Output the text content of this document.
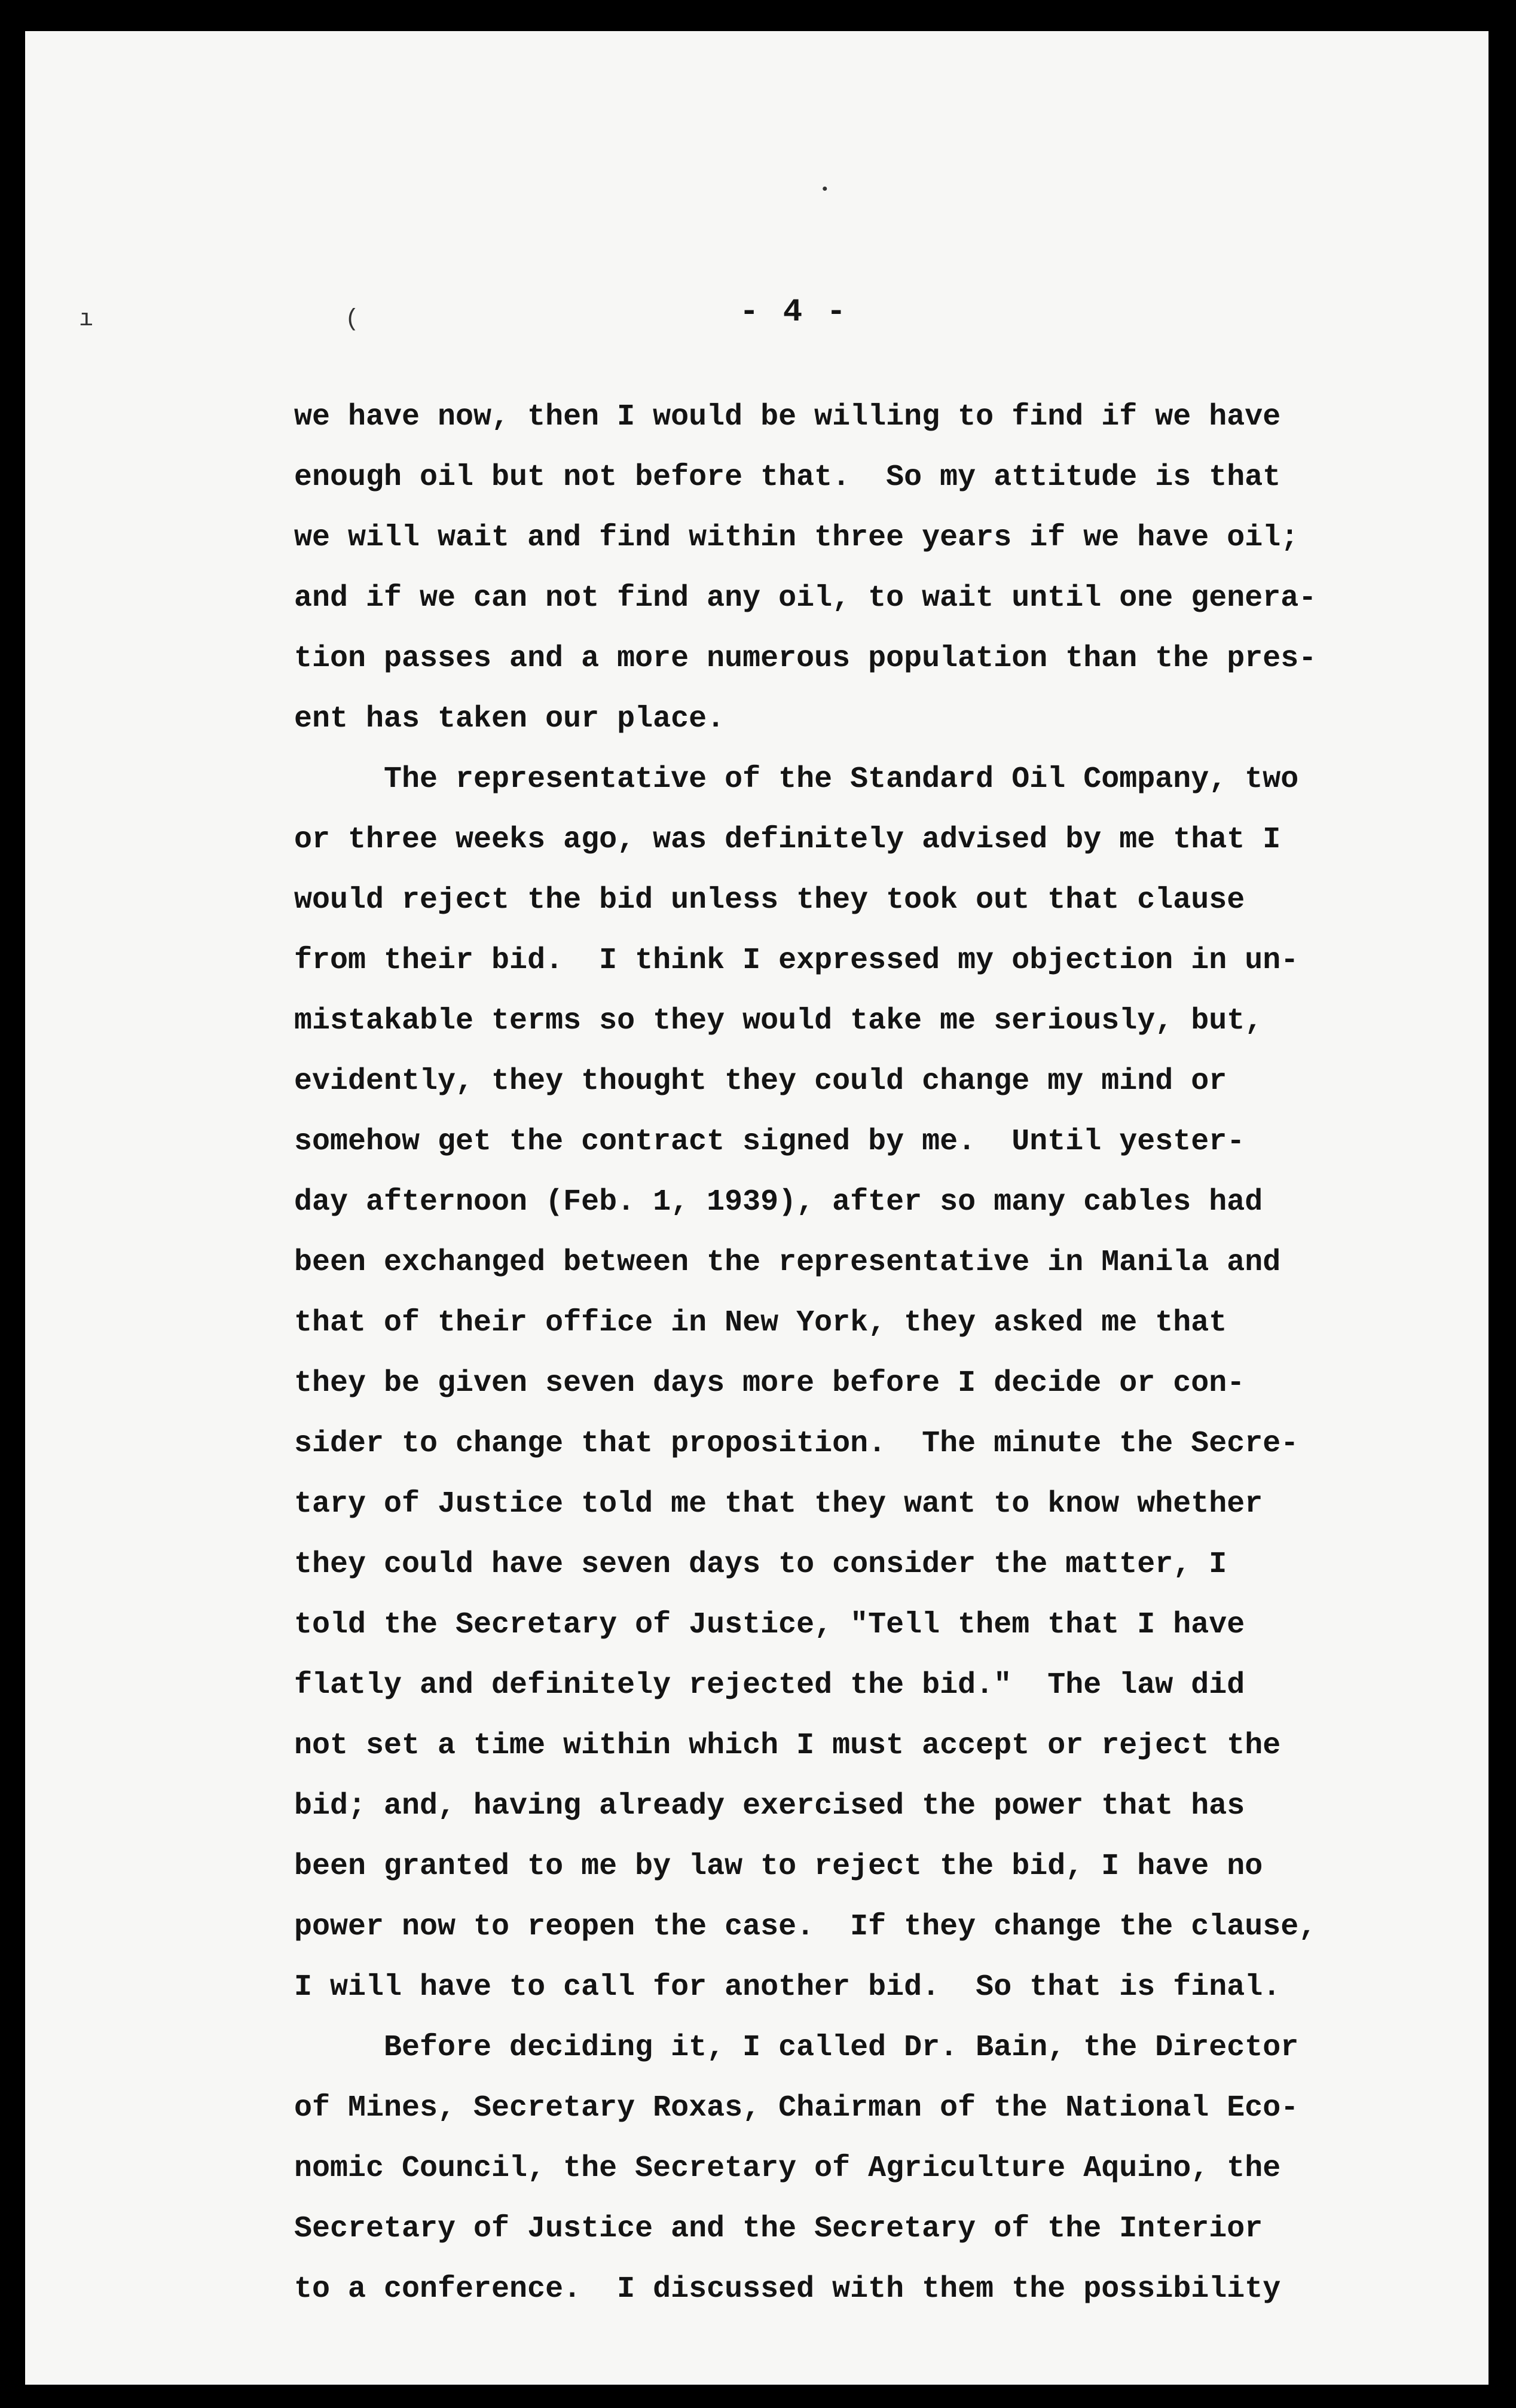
•
ı	(	- 4 -
we have now, then I would be willing to find if we have
enough oil but not before that.  So my attitude is that
we will wait and find within three years if we have oil;
and if we can not find any oil, to wait until one genera-
tion passes and a more numerous population than the pres-
ent has taken our place.
The representative of the Standard Oil Company, two
or three weeks ago, was definitely advised by me that I
would reject the bid unless they took out that clause
from their bid.  I think I expressed my objection in un-
mistakable terms so they would take me seriously, but,
evidently, they thought they could change my mind or
somehow get the contract signed by me.  Until yester-
day afternoon (Feb. 1, 1939), after so many cables had
been exchanged between the representative in Manila and
that of their office in New York, they asked me that
they be given seven days more before I decide or con-
sider to change that proposition.  The minute the Secre-
tary of Justice told me that they want to know whether
they could have seven days to consider the matter, I
told the Secretary of Justice, "Tell them that I have
flatly and definitely rejected the bid."  The law did
not set a time within which I must accept or reject the
bid; and, having already exercised the power that has
been granted to me by law to reject the bid, I have no
power now to reopen the case.  If they change the clause,
I will have to call for another bid.  So that is final.
Before deciding it, I called Dr. Bain, the Director
of Mines, Secretary Roxas, Chairman of the National Eco-
nomic Council, the Secretary of Agriculture Aquino, the
Secretary of Justice and the Secretary of the Interior
to a conference.  I discussed with them the possibility
